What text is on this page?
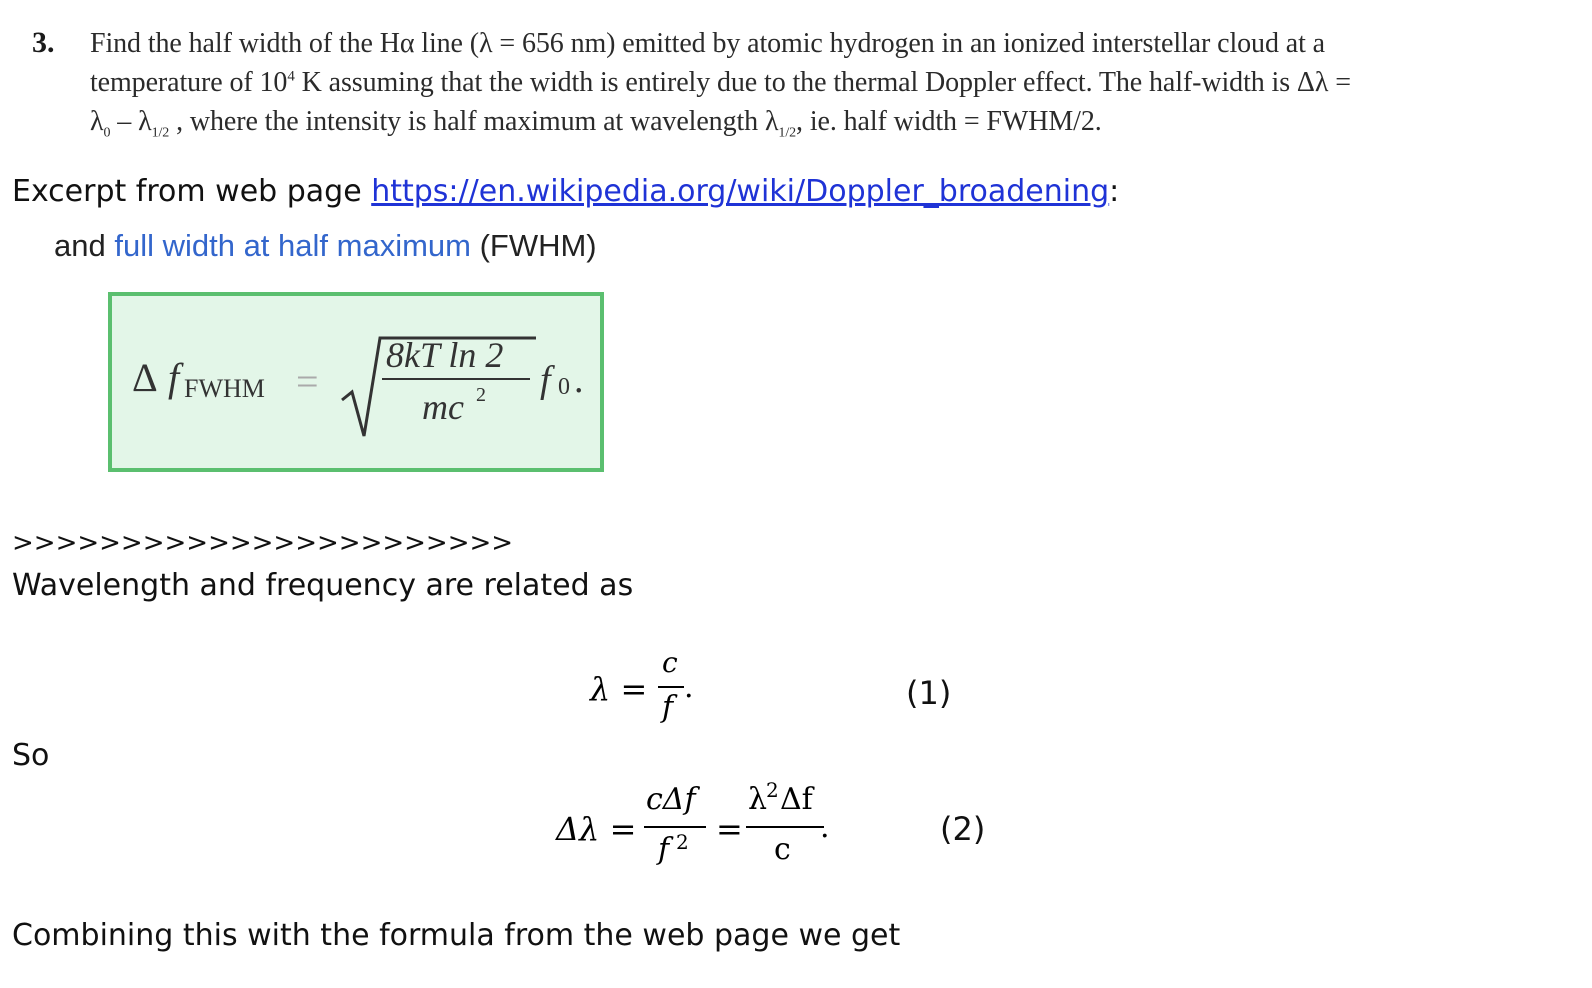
3. Find the half width of the Hα line (λ = 656 nm) emitted by atomic hydrogen in an ionized interstellar cloud at a
temperature of $10^4$ K assuming that the width is entirely due to the thermal Doppler effect. The half-width is Δλ =
$\lambda_0 - \lambda_{1/2}$ , where the intensity is half maximum at wavelength $\lambda_{1/2}$, ie. half width = FWHM/2.
Excerpt from web page https://en.wikipedia.org/wiki/Doppler_broadening:
and full width at half maximum (FWHM)
Δ f FWHM =
8kT ln 2
mc 2 f 0 .
>>>>>>>>>>>>>>>>>>>>>>>
Wavelength and frequency are related as
λ =
c
f
.	(1)
So
Δλ =
cΔf
f 2 =
λ
2 Δf
c
.	(2)
Combining this with the formula from the web page we get
